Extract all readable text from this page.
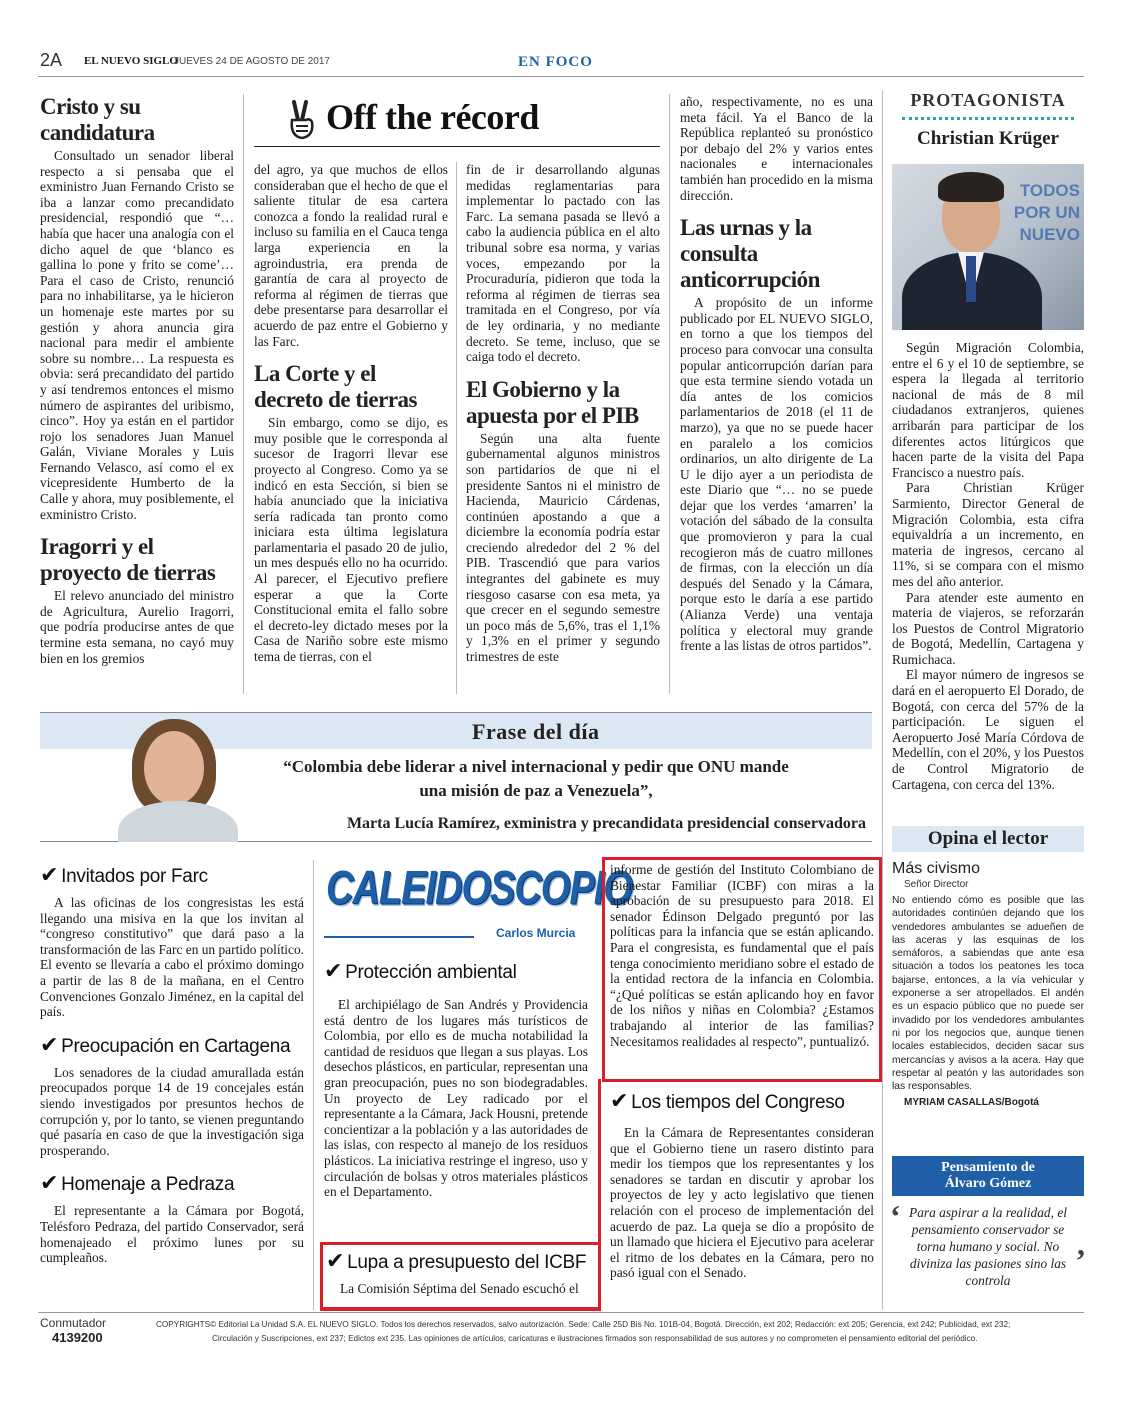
2A EL NUEVO SIGLO
JUEVES 24 DE AGOSTO DE 2017	EN FOCO
Off the récord
Cristo y su candidatura

Consultado un senador liberal respecto a si pensaba que el exministro Juan Fernando Cristo se iba a lanzar como precandidato presidencial, respondió que “… había que hacer una analogía con el dicho aquel de que ‘blanco es gallina lo pone y frito se come’… Para el caso de Cristo, renunció para no inhabilitarse, ya le hicieron un homenaje este martes por su gestión y ahora anuncia gira nacional para medir el ambiente sobre su nombre… La respuesta es obvia: será precandidato del partido y así tendremos entonces el mismo número de aspirantes del uribismo, cinco”. Hoy ya están en el partidor rojo los senadores Juan Manuel Galán, Viviane Morales y Luis Fernando Velasco, así como el ex vicepresidente Humberto de la Calle y ahora, muy posiblemente, el exministro Cristo.

Iragorri y el proyecto de tierras

El relevo anunciado del ministro de Agricultura, Aurelio Iragorri, que podría producirse antes de que termine esta semana, no cayó muy bien en los gremios

del agro, ya que muchos de ellos consideraban que el hecho de que el saliente titular de esa cartera conozca a fondo la realidad rural e incluso su familia en el Cauca tenga larga experiencia en la agroindustria, era prenda de garantía de cara al proyecto de reforma al régimen de tierras que debe presentarse para desarrollar el acuerdo de paz entre el Gobierno y las Farc.

La Corte y el decreto de tierras

Sin embargo, como se dijo, es muy posible que le corresponda al sucesor de Iragorri llevar ese proyecto al Congreso. Como ya se indicó en esta Sección, si bien se había anunciado que la iniciativa sería radicada tan pronto como iniciara esta última legislatura parlamentaria el pasado 20 de julio, un mes después ello no ha ocurrido. Al parecer, el Ejecutivo prefiere esperar a que la Corte Constitucional emita el fallo sobre el decreto-ley dictado meses por la Casa de Nariño sobre este mismo tema de tierras, con el

fin de ir desarrollando algunas medidas reglamentarias para implementar lo pactado con las Farc. La semana pasada se llevó a cabo la audiencia pública en el alto tribunal sobre esa norma, y varias voces, empezando por la Procuraduría, pidieron que toda la reforma al régimen de tierras sea tramitada en el Congreso, por vía de ley ordinaria, y no mediante decreto. Se teme, incluso, que se caiga todo el decreto.

El Gobierno y la apuesta por el PIB

Según una alta fuente gubernamental algunos ministros son partidarios de que ni el presidente Santos ni el ministro de Hacienda, Mauricio Cárdenas, continúen apostando a que a diciembre la economía podría estar creciendo alrededor del 2 % del PIB. Trascendió que para varios integrantes del gabinete es muy riesgoso casarse con esa meta, ya que crecer en el segundo semestre un poco más de 5,6%, tras el 1,1% y 1,3% en el primer y segundo trimestres de este

año, respectivamente, no es una meta fácil. Ya el Banco de la República replanteó su pronóstico por debajo del 2% y varios entes nacionales e internacionales también han procedido en la misma dirección.

Las urnas y la consulta anticorrupción

A propósito de un informe publicado por EL NUEVO SIGLO, en torno a que los tiempos del proceso para convocar una consulta popular anticorrupción darían para que esta termine siendo votada un día antes de los comicios parlamentarios de 2018 (el 11 de marzo), ya que no se puede hacer en paralelo a los comicios ordinarios, un alto dirigente de La U le dijo ayer a un periodista de este Diario que “… no se puede dejar que los verdes ‘amarren’ la votación del sábado de la consulta que promovieron y para la cual recogieron más de cuatro millones de firmas, con la elección un día después del Senado y la Cámara, porque esto le daría a ese partido (Alianza Verde) una ventaja política y electoral muy grande frente a las listas de otros partidos”.

PROTAGONISTA
Christian Krüger
TODOS POR UN NUEVO

Según Migración Colombia, entre el 6 y el 10 de septiembre, se espera la llegada al territorio nacional de más de 8 mil ciudadanos extranjeros, quienes arribarán para participar de los diferentes actos litúrgicos que hacen parte de la visita del Papa Francisco a nuestro país.

Para Christian Krüger Sarmiento, Director General de Migración Colombia, esta cifra equivaldría a un incremento, en materia de ingresos, cercano al 11%, si se compara con el mismo mes del año anterior.

Para atender este aumento en materia de viajeros, se reforzarán los Puestos de Control Migratorio de Bogotá, Medellín, Cartagena y Rumichaca.

El mayor número de ingresos se dará en el aeropuerto El Dorado, de Bogotá, con cerca del 57% de la participación. Le siguen el Aeropuerto José María Córdova de Medellín, con el 20%, y los Puestos de Control Migratorio de Cartagena, con cerca del 13%.

Frase del día
“Colombia debe liderar a nivel internacional y pedir que ONU mande
una misión de paz a Venezuela”,
Marta Lucía Ramírez, exministra y precandidata presidencial conservadora
✔ Invitados por Farc

A las oficinas de los congresistas les está llegando una misiva en la que los invitan al “congreso constitutivo” que dará paso a la transformación de las Farc en un partido político. El evento se llevaría a cabo el próximo domingo a partir de las 8 de la mañana, en el Centro Convenciones Gonzalo Jiménez, en la capital del país.

✔ Preocupación en Cartagena

Los senadores de la ciudad amurallada están preocupados porque 14 de 19 concejales están siendo investigados por presuntos hechos de corrupción y, por lo tanto, se vienen preguntando qué pasaría en caso de que la investigación siga prosperando.

✔ Homenaje a Pedraza

El representante a la Cámara por Bogotá, Telésforo Pedraza, del partido Conservador, será homenajeado el próximo lunes por su cumpleaños.

CALEIDOSCOPIO
Carlos Murcia
✔ Protección ambiental

El archipiélago de San Andrés y Providencia está dentro de los lugares más turísticos de Colombia, por ello es de mucha notabilidad la cantidad de residuos que llegan a sus playas. Los desechos plásticos, en particular, representan una gran preocupación, pues no son biodegradables. Un proyecto de Ley radicado por el representante a la Cámara, Jack Housni, pretende concientizar a la población y a las autoridades de las islas, con respecto al manejo de los residuos plásticos. La iniciativa restringe el ingreso, uso y circulación de bolsas y otros materiales plásticos en el Departamento.

✔ Lupa a presupuesto del ICBF

La Comisión Séptima del Senado escuchó el

informe de gestión del Instituto Colombiano de Bienestar Familiar (ICBF) con miras a la aprobación de su presupuesto para 2018. El senador Édinson Delgado preguntó por las políticas para la infancia que se están aplicando. Para el congresista, es fundamental que el país tenga conocimiento meridiano sobre el estado de la entidad rectora de la infancia en Colombia. “¿Qué políticas se están aplicando hoy en favor de los niños y niñas en Colombia? ¿Estamos trabajando al interior de las familias? Necesitamos realidades al respecto”, puntualizó.

✔ Los tiempos del Congreso

En la Cámara de Representantes consideran que el Gobierno tiene un rasero distinto para medir los tiempos que los representantes y los senadores se tardan en discutir y aprobar los proyectos de ley y acto legislativo que tienen relación con el proceso de implementación del acuerdo de paz. La queja se dio a propósito de un llamado que hiciera el Ejecutivo para acelerar el ritmo de los debates en la Cámara, pero no pasó igual con el Senado.

Opina el lector
Más civismo
Señor Director
No entiendo cómo es posible que las autoridades continúen dejando que los vendedores ambulantes se adueñen de las aceras y las esquinas de los semáforos, a sabiendas que ante esa situación a todos los peatones les toca bajarse, entonces, a la vía vehicular y exponerse a ser atropellados. El andén es un espacio público que no puede ser invadido por los vendedores ambulantes ni por los negocios que, aunque tienen locales establecidos, deciden sacar sus mercancías y avisos a la acera. Hay que respetar al peatón y las autoridades son las responsables.
MYRIAM CASALLAS/Bogotá
Pensamiento de
Álvaro Gómez
‘ Para aspirar a la realidad, el pensamiento conservador se torna humano y social. No diviniza las pasiones sino las controla
’
Conmutador
4139200
COPYRIGHTS© Editorial La Unidad S.A. EL NUEVO SIGLO. Todos los derechos reservados, salvo autorización. Sede: Calle 25D Bis No. 101B-04, Bogotá. Dirección, ext 202; Redacción: ext 205; Gerencia, ext 242; Publicidad, ext 232;
Circulación y Suscripciones, ext 237; Edictos ext 235. Las opiniones de artículos, caricaturas e ilustraciones firmados son responsabilidad de sus autores y no comprometen el pensamiento editorial del periódico.
